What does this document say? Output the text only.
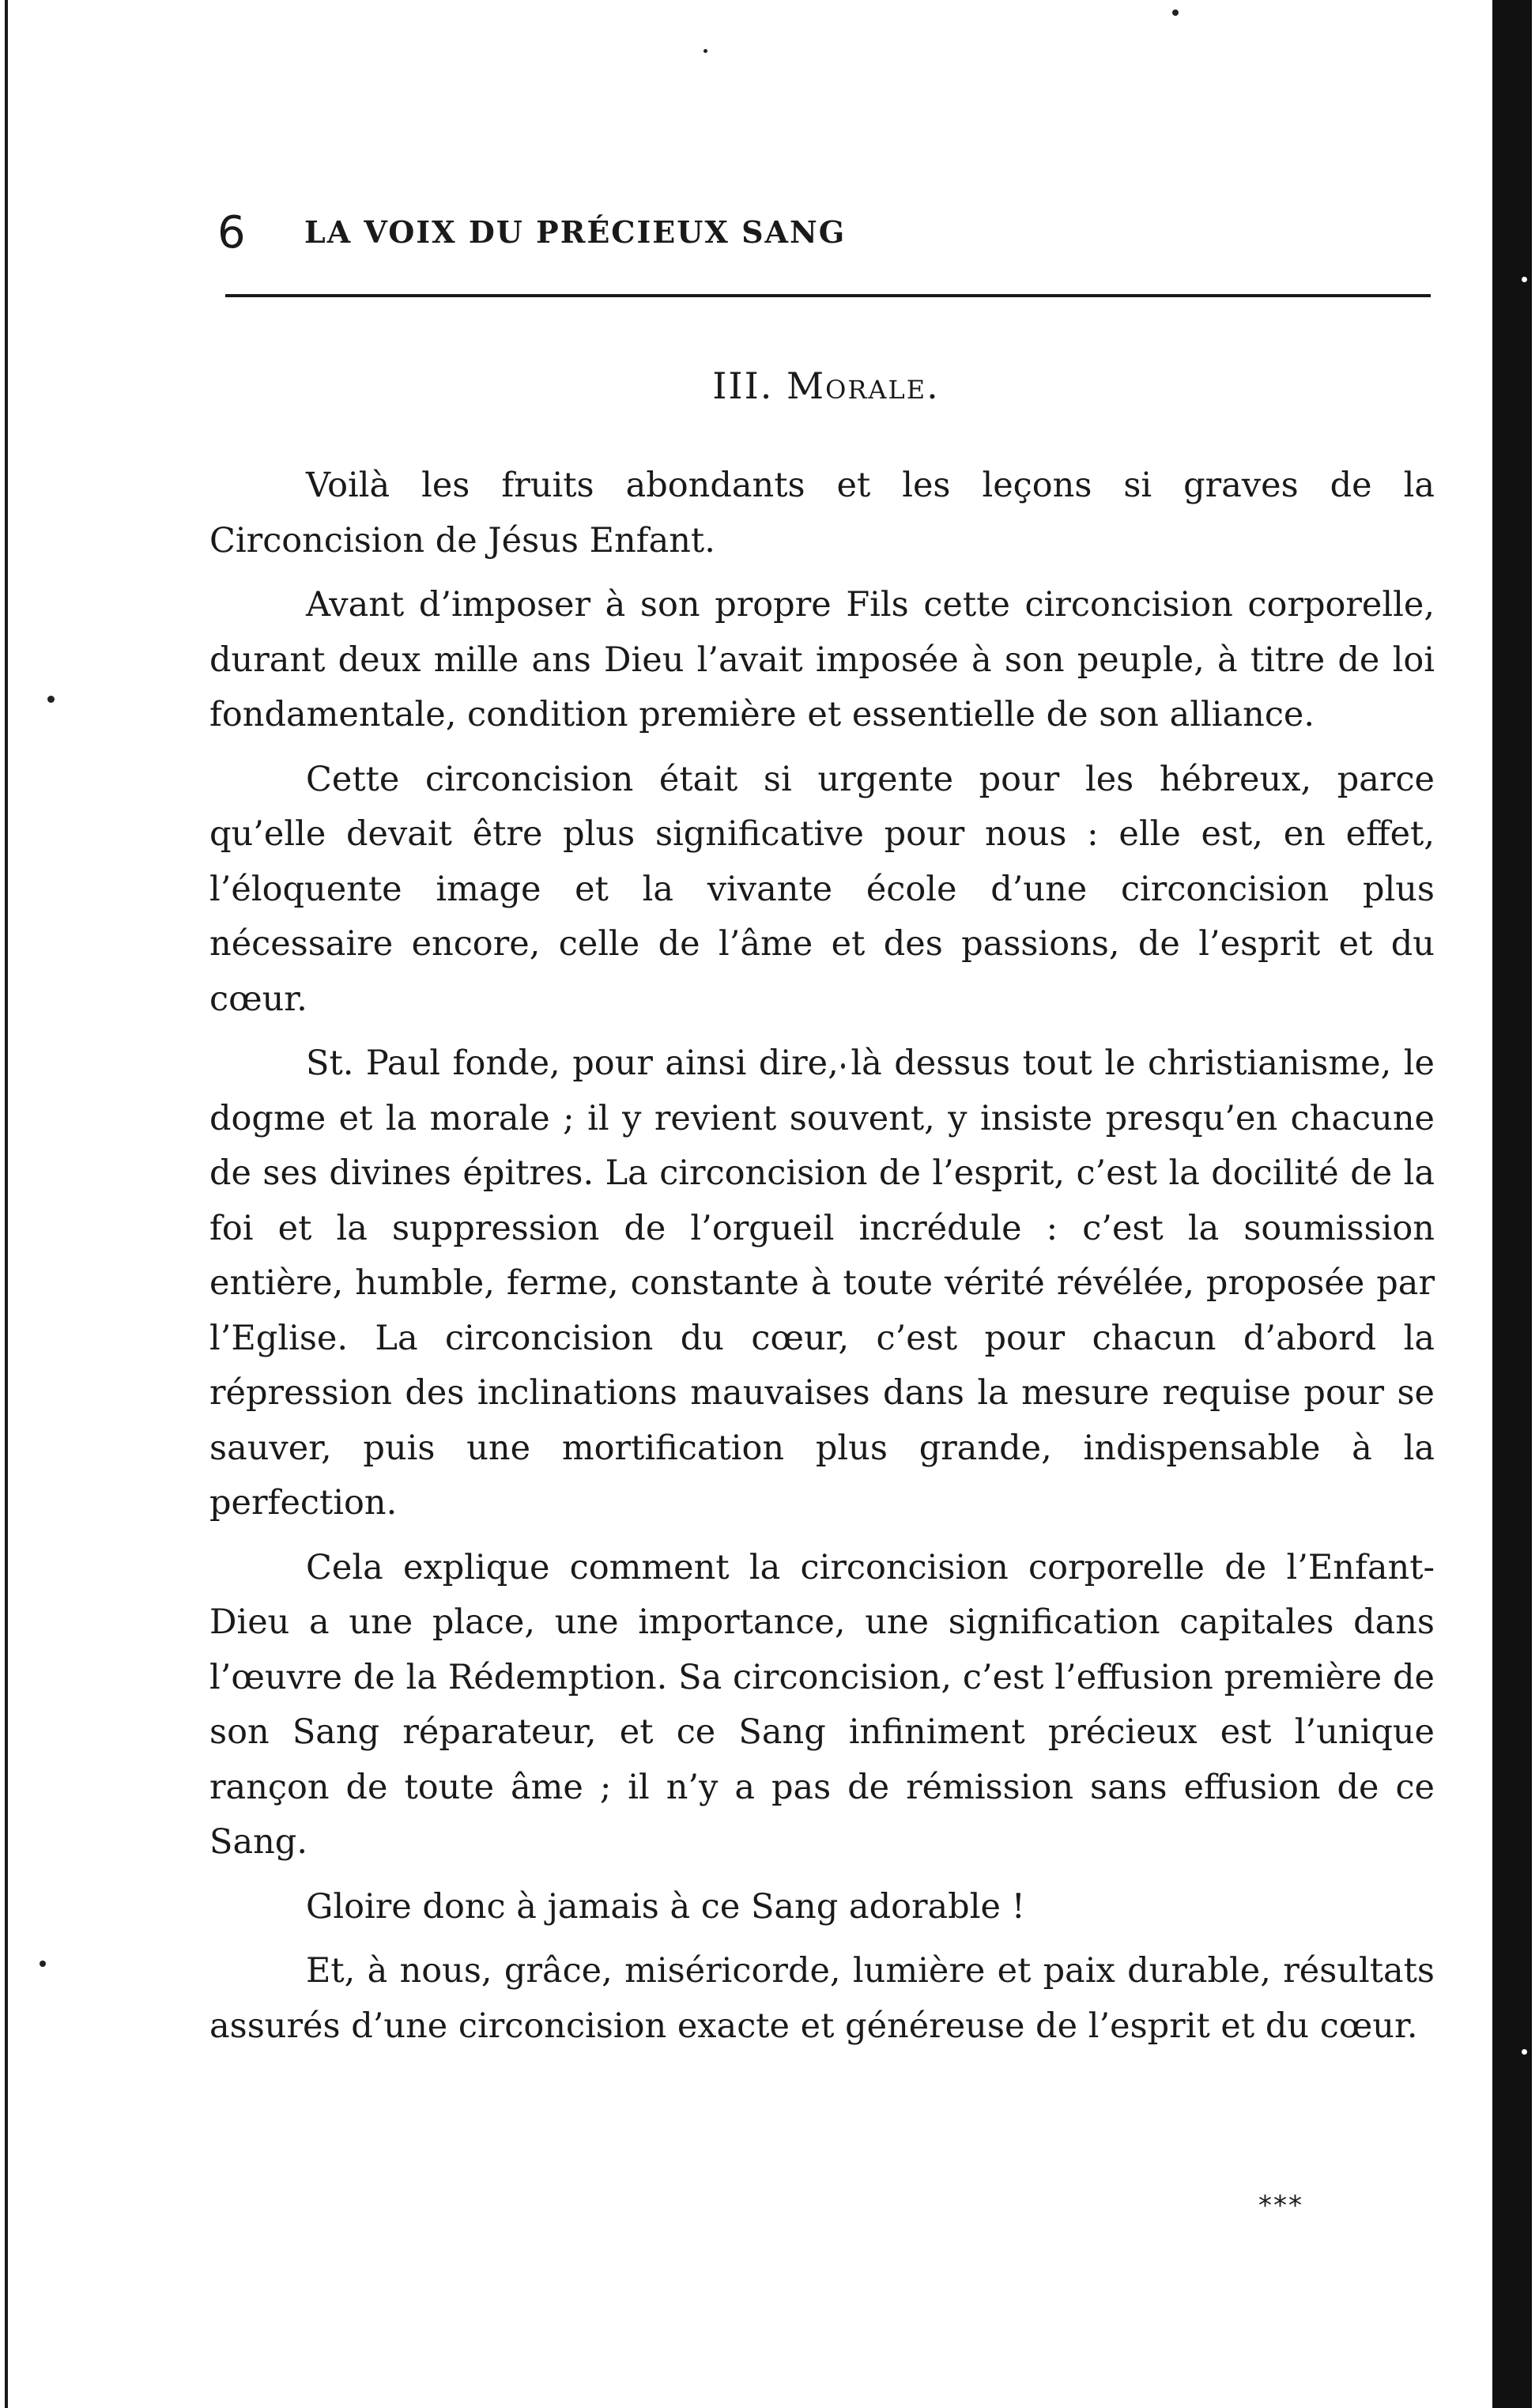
6 LA VOIX DU PRÉCIEUX SANG
III. Morale.

Voilà les fruits abondants et les leçons si graves de la Circoncision de Jésus Enfant.

Avant d’imposer à son propre Fils cette circoncision corporelle, durant deux mille ans Dieu l’avait imposée à son peuple, à titre de loi fondamentale, condition première et essentielle de son alliance.

Cette circoncision était si urgente pour les hébreux, parce qu’elle devait être plus significative pour nous : elle est, en effet, l’éloquente image et la vivante école d’une circoncision plus nécessaire encore, celle de l’âme et des passions, de l’esprit et du cœur.

St. Paul fonde, pour ainsi dire, là dessus tout le christianisme, le dogme et la morale ; il y revient souvent, y insiste presqu’en chacune de ses divines épitres. La circoncision de l’esprit, c’est la docilité de la foi et la suppression de l’orgueil incrédule : c’est la soumission entière, humble, ferme, constante à toute vérité révélée, proposée par l’Eglise. La circoncision du cœur, c’est pour chacun d’abord la répression des inclinations mauvaises dans la mesure requise pour se sauver, puis une mortification plus grande, indispensable à la perfection.

Cela explique comment la circoncision corporelle de l’Enfant-Dieu a une place, une importance, une signification capitales dans l’œuvre de la Rédemption. Sa circoncision, c’est l’effusion première de son Sang réparateur, et ce Sang infiniment précieux est l’unique rançon de toute âme ; il n’y a pas de rémission sans effusion de ce Sang.

Gloire donc à jamais à ce Sang adorable !

Et, à nous, grâce, miséricorde, lumière et paix durable, résultats assurés d’une circoncision exacte et généreuse de l’esprit et du cœur.

***
